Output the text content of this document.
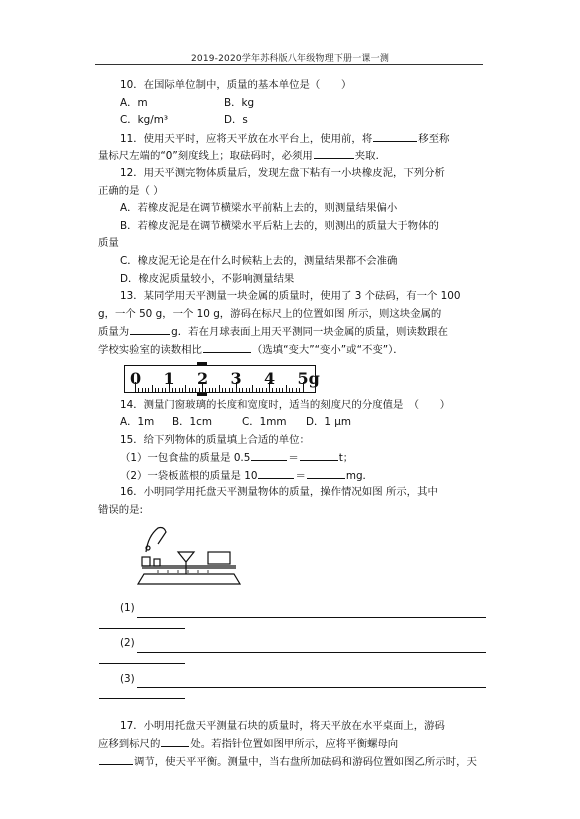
2019-2020学年苏科版八年级物理下册一课一测
10．在国际单位制中，质量的基本单位是（　　）
A．m	B．kg
C．kg/m³	D．s
11．使用天平时，应将天平放在水平台上，使用前，将	移至称
量标尺左端的“0”刻度线上；取砝码时，必须用	夹取．
12．用天平测完物体质量后，发现左盘下粘有一小块橡皮泥，下列分析
正确的是（ ）
A．若橡皮泥是在调节横梁水平前粘上去的，则测量结果偏小
B．若橡皮泥是在调节横梁水平后粘上去的，则测出的质量大于物体的
质量
C．橡皮泥无论是在什么时候粘上去的，测量结果都不会准确
D．橡皮泥质量较小，不影响测量结果
13．某同学用天平测量一块金属的质量时，使用了 3 个砝码，有一个 100
g，一个 50 g，一个 10 g，游码在标尺上的位置如图 所示，则这块金属的
质量为	g．若在月球表面上用天平测同一块金属的质量，则读数跟在
学校实验室的读数相比	（选填“变大”“变小”或“不变”）．
0 1 2 3 4 5g
14．测量门窗玻璃的长度和宽度时，适当的刻度尺的分度值是　（　　）
A．1m B．1cm	C．1mm D．1 μm
15．给下列物体的质量填上合适的单位：
（1）一包食盐的质量是 0.5	＝	t；
（2）一袋板蓝根的质量是 10	＝	mg．
16．小明同学用托盘天平测量物体的质量，操作情况如图 所示，其中
错误的是:
(1)
(2)
(3)
17．小明用托盘天平测量石块的质量时，将天平放在水平桌面上，游码
应移到标尺的	处。若指针位置如图甲所示，应将平衡螺母向
调节，使天平平衡。测量中，当右盘所加砝码和游码位置如图乙所示时，天
